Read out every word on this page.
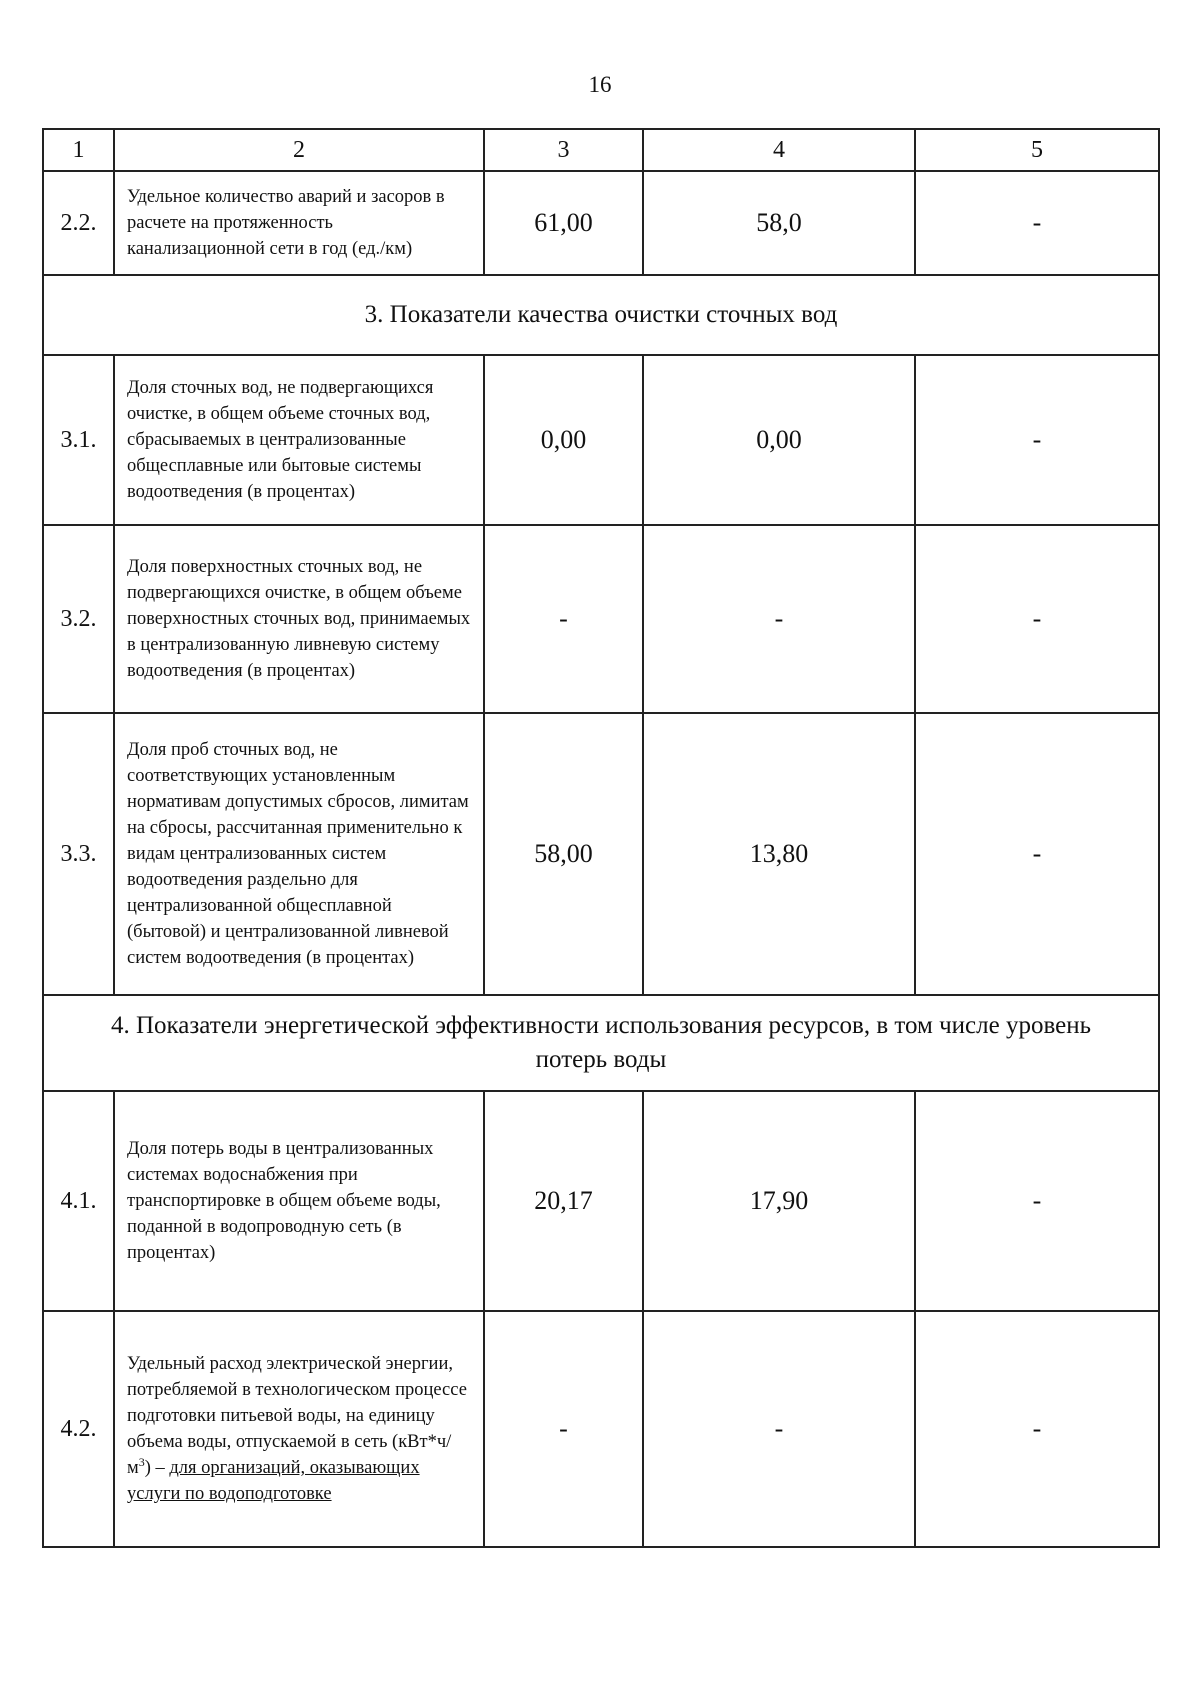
16
1	2	3	4	5
2.2.	Удельное количество аварий и засоров в расчете на протяженность канализационной сети в год (ед./км)	61,00	58,0	-
3. Показатели качества очистки сточных вод				
3.1.	Доля сточных вод, не подвергающихся очистке, в общем объеме сточных вод, сбрасываемых в централизованные общесплавные или бытовые системы водоотведения (в процентах)	0,00	0,00	-
3.2.	Доля поверхностных сточных вод, не подвергающихся очистке, в общем объеме поверхностных сточных вод, принимаемых в централизованную ливневую систему водоотведения (в процентах)	-	-	-
3.3.	Доля проб сточных вод, не соответствующих установленным нормативам допустимых сбросов, лимитам на сбросы, рассчитанная применительно к видам централизованных систем водоотведения раздельно для централизованной общесплавной (бытовой) и централизованной ливневой систем водоотведения (в процентах)	58,00	13,80	-
4. Показатели энергетической эффективности использования ресурсов, в том числе уровень потерь воды				
4.1.	Доля потерь воды в централизованных системах водоснабжения при транспортировке в общем объеме воды, поданной в водопроводную сеть (в процентах)	20,17	17,90	-
4.2.	Удельный расход электрической энергии, потребляемой в технологическом процессе подготовки питьевой воды, на единицу объема воды, отпускаемой в сеть $(кВт*ч/м^3)$ – для организаций, оказывающих услуги по водоподготовке	-	-	-
